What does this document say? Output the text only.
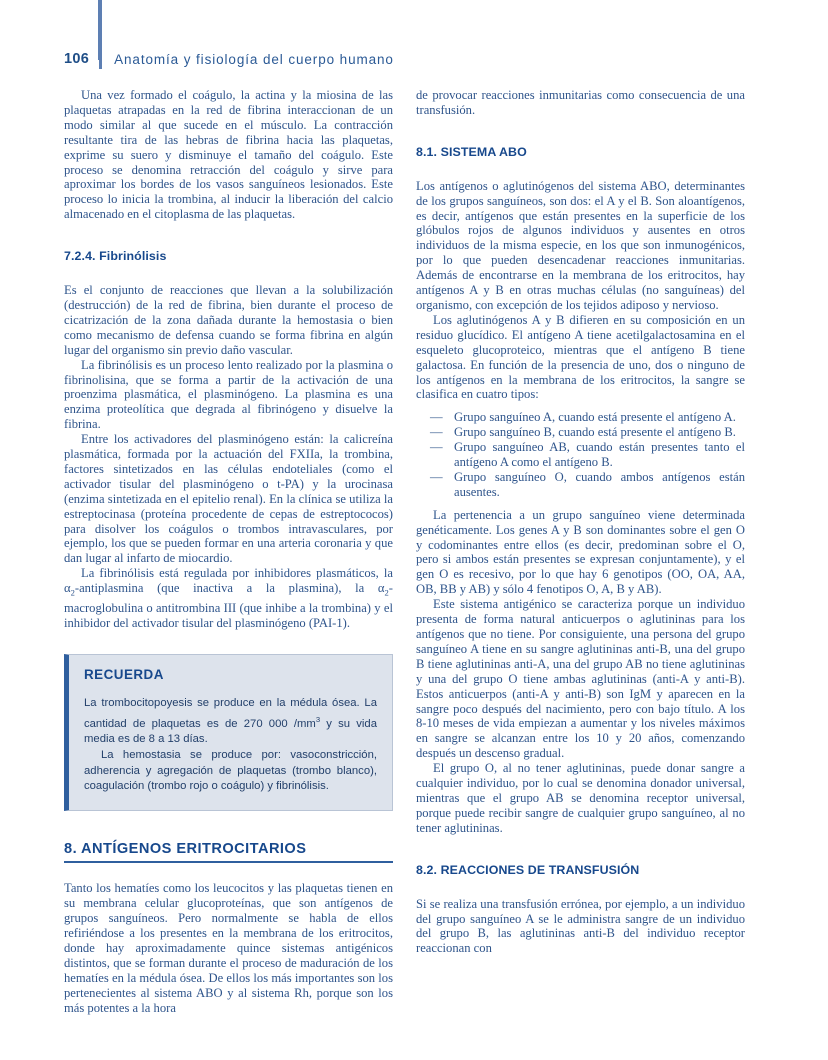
106 Anatomía y fisiología del cuerpo humano

Una vez formado el coágulo, la actina y la miosina de las plaquetas atrapadas en la red de fibrina interaccionan de un modo similar al que sucede en el músculo. La contracción resultante tira de las hebras de fibrina hacia las plaquetas, exprime su suero y disminuye el tamaño del coágulo. Este proceso se denomina retracción del coágulo y sirve para aproximar los bordes de los vasos sanguíneos lesionados. Este proceso lo inicia la trombina, al inducir la liberación del calcio almacenado en el citoplasma de las plaquetas.

7.2.4. Fibrinólisis

Es el conjunto de reacciones que llevan a la solubilización (destrucción) de la red de fibrina, bien durante el proceso de cicatrización de la zona dañada durante la hemostasia o bien como mecanismo de defensa cuando se forma fibrina en algún lugar del organismo sin previo daño vascular.

La fibrinólisis es un proceso lento realizado por la plasmina o fibrinolisina, que se forma a partir de la activación de una proenzima plasmática, el plasminógeno. La plasmina es una enzima proteolítica que degrada al fibrinógeno y disuelve la fibrina.

Entre los activadores del plasminógeno están: la calicreína plasmática, formada por la actuación del FXIIa, la trombina, factores sintetizados en las células endoteliales (como el activador tisular del plasminógeno o t-PA) y la urocinasa (enzima sintetizada en el epitelio renal). En la clínica se utiliza la estreptocinasa (proteína procedente de cepas de estreptococos) para disolver los coágulos o trombos intravasculares, por ejemplo, los que se pueden formar en una arteria coronaria y que dan lugar al infarto de miocardio.

La fibrinólisis está regulada por inhibidores plasmáticos, la $\alpha_2$-antiplasmina (que inactiva a la plasmina), la $\alpha_2$-macroglobulina o antitrombina III (que inhibe a la trombina) y el inhibidor del activador tisular del plasminógeno (PAI-1).

RECUERDA

La trombocitopoyesis se produce en la médula ósea. La cantidad de plaquetas es de 270 000 $/mm^3$ y su vida media es de 8 a 13 días.

La hemostasia se produce por: vasoconstricción, adherencia y agregación de plaquetas (trombo blanco), coagulación (trombo rojo o coágulo) y fibrinólisis.

8. ANTÍGENOS ERITROCITARIOS

Tanto los hematíes como los leucocitos y las plaquetas tienen en su membrana celular glucoproteínas, que son antígenos de grupos sanguíneos. Pero normalmente se habla de ellos refiriéndose a los presentes en la membrana de los eritrocitos, donde hay aproximadamente quince sistemas antigénicos distintos, que se forman durante el proceso de maduración de los hematíes en la médula ósea. De ellos los más importantes son los pertenecientes al sistema ABO y al sistema Rh, porque son los más potentes a la hora

de provocar reacciones inmunitarias como consecuencia de una transfusión.

8.1. SISTEMA ABO

Los antígenos o aglutinógenos del sistema ABO, determinantes de los grupos sanguíneos, son dos: el A y el B. Son aloantígenos, es decir, antígenos que están presentes en la superficie de los glóbulos rojos de algunos individuos y ausentes en otros individuos de la misma especie, en los que son inmunogénicos, por lo que pueden desencadenar reacciones inmunitarias. Además de encontrarse en la membrana de los eritrocitos, hay antígenos A y B en otras muchas células (no sanguíneas) del organismo, con excepción de los tejidos adiposo y nervioso.

Los aglutinógenos A y B difieren en su composición en un residuo glucídico. El antígeno A tiene acetilgalactosamina en el esqueleto glucoproteico, mientras que el antígeno B tiene galactosa. En función de la presencia de uno, dos o ninguno de los antígenos en la membrana de los eritrocitos, la sangre se clasifica en cuatro tipos:

— Grupo sanguíneo A, cuando está presente el antígeno A.
— Grupo sanguíneo B, cuando está presente el antígeno B.
— Grupo sanguíneo AB, cuando están presentes tanto el antígeno A como el antígeno B.
— Grupo sanguíneo O, cuando ambos antígenos están ausentes.

La pertenencia a un grupo sanguíneo viene determinada genéticamente. Los genes A y B son dominantes sobre el gen O y codominantes entre ellos (es decir, predominan sobre el O, pero si ambos están presentes se expresan conjuntamente), y el gen O es recesivo, por lo que hay 6 genotipos (OO, OA, AA, OB, BB y AB) y sólo 4 fenotipos O, A, B y AB).

Este sistema antigénico se caracteriza porque un individuo presenta de forma natural anticuerpos o aglutininas para los antígenos que no tiene. Por consiguiente, una persona del grupo sanguíneo A tiene en su sangre aglutininas anti-B, una del grupo B tiene aglutininas anti-A, una del grupo AB no tiene aglutininas y una del grupo O tiene ambas aglutininas (anti-A y anti-B). Estos anticuerpos (anti-A y anti-B) son IgM y aparecen en la sangre poco después del nacimiento, pero con bajo título. A los 8-10 meses de vida empiezan a aumentar y los niveles máximos en sangre se alcanzan entre los 10 y 20 años, comenzando después un descenso gradual.

El grupo O, al no tener aglutininas, puede donar sangre a cualquier individuo, por lo cual se denomina donador universal, mientras que el grupo AB se denomina receptor universal, porque puede recibir sangre de cualquier grupo sanguíneo, al no tener aglutininas.

8.2. REACCIONES DE TRANSFUSIÓN

Si se realiza una transfusión errónea, por ejemplo, a un individuo del grupo sanguíneo A se le administra sangre de un individuo del grupo B, las aglutininas anti-B del individuo receptor reaccionan con
